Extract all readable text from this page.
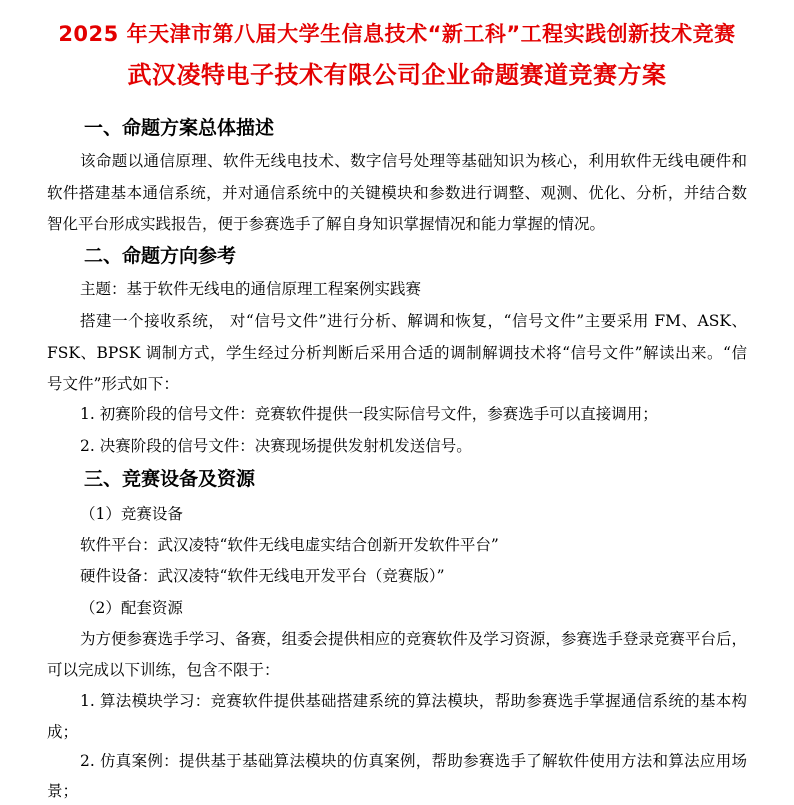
2025 年天津市第八届大学生信息技术“新工科”工程实践创新技术竞赛
武汉凌特电子技术有限公司企业命题赛道竞赛方案
一、命题方案总体描述
该命题以通信原理、软件无线电技术、数字信号处理等基础知识为核心，利用软件无线电硬件和
软件搭建基本通信系统，并对通信系统中的关键模块和参数进行调整、观测、优化、分析，并结合数
智化平台形成实践报告，便于参赛选手了解自身知识掌握情况和能力掌握的情况。
二、命题方向参考
主题：基于软件无线电的通信原理工程案例实践赛
搭建一个接收系统， 对“信号文件”进行分析、解调和恢复，“信号文件”主要采用 FM、ASK、
FSK、BPSK 调制方式，学生经过分析判断后采用合适的调制解调技术将“信号文件”解读出来。“信
号文件”形式如下：
1. 初赛阶段的信号文件：竞赛软件提供一段实际信号文件，参赛选手可以直接调用；
2. 决赛阶段的信号文件：决赛现场提供发射机发送信号。
三、竞赛设备及资源
（1）竞赛设备
软件平台：武汉凌特“软件无线电虚实结合创新开发软件平台”
硬件设备：武汉凌特“软件无线电开发平台（竞赛版）”
（2）配套资源
为方便参赛选手学习、备赛，组委会提供相应的竞赛软件及学习资源，参赛选手登录竞赛平台后，
可以完成以下训练，包含不限于：
1. 算法模块学习：竞赛软件提供基础搭建系统的算法模块，帮助参赛选手掌握通信系统的基本构
成；
2. 仿真案例：提供基于基础算法模块的仿真案例，帮助参赛选手了解软件使用方法和算法应用场
景；
